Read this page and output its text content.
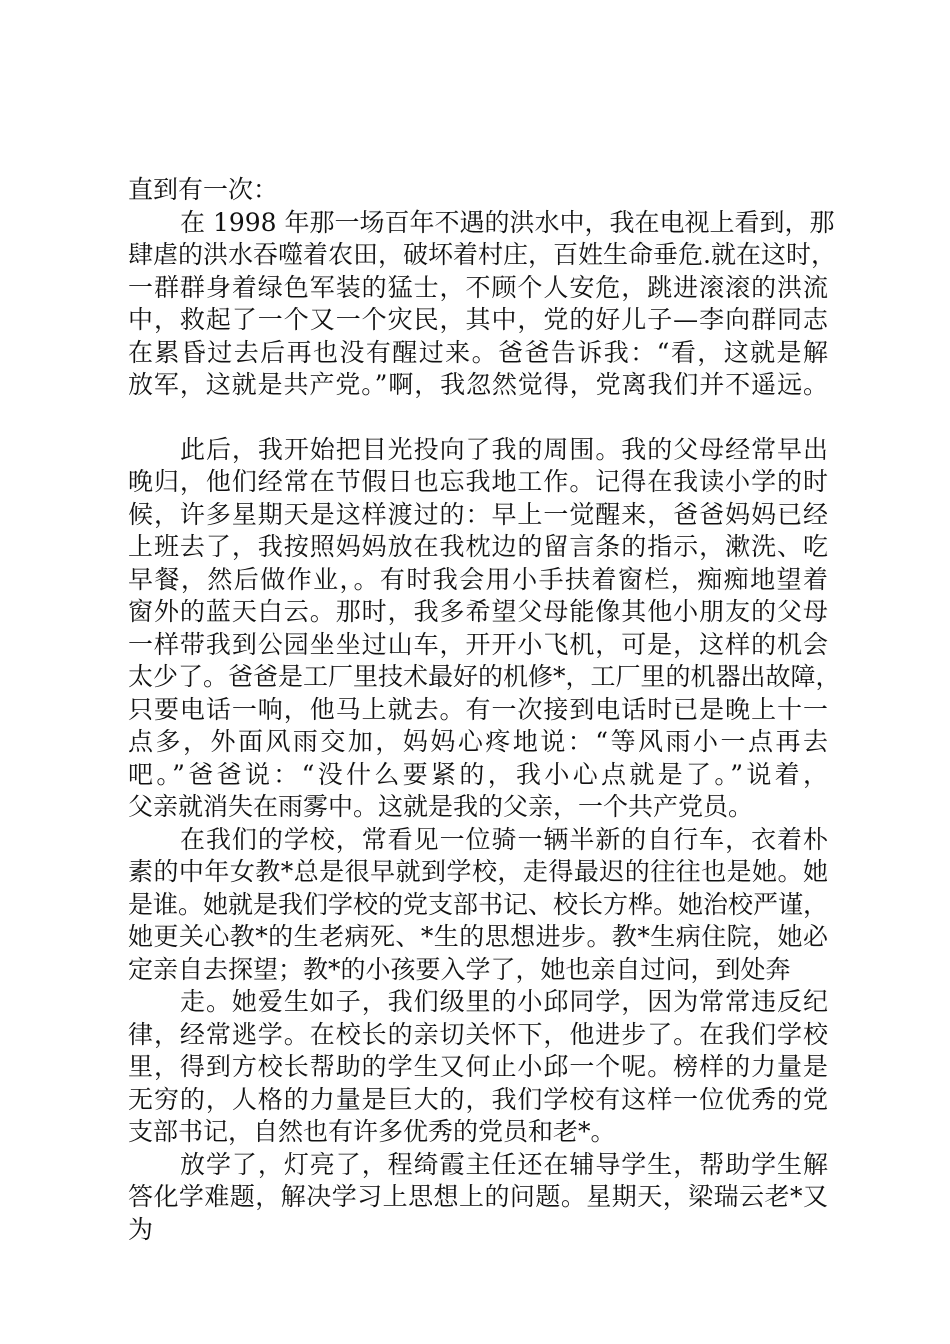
直到有一次：
在 1998 年那一场百年不遇的洪水中，我在电视上看到，那
肆虐的洪水吞噬着农田，破坏着村庄，百姓生命垂危.就在这时，
一群群身着绿色军装的猛士，不顾个人安危，跳进滚滚的洪流
中，救起了一个又一个灾民，其中，党的好儿子—李向群同志
在累昏过去后再也没有醒过来。爸爸告诉我：“看，这就是解
放军，这就是共产党。”啊，我忽然觉得，党离我们并不遥远。
此后，我开始把目光投向了我的周围。我的父母经常早出
晚归，他们经常在节假日也忘我地工作。记得在我读小学的时
候，许多星期天是这样渡过的：早上一觉醒来，爸爸妈妈已经
上班去了，我按照妈妈放在我枕边的留言条的指示，漱洗、吃
早餐，然后做作业，。有时我会用小手扶着窗栏，痴痴地望着
窗外的蓝天白云。那时，我多希望父母能像其他小朋友的父母
一样带我到公园坐坐过山车，开开小飞机，可是，这样的机会
太少了。爸爸是工厂里技术最好的机修*，工厂里的机器出故障，
只要电话一响，他马上就去。有一次接到电话时已是晚上十一
点多，外面风雨交加，妈妈心疼地说：“等风雨小一点再去
吧。”爸爸说：“没什么要紧的，我小心点就是了。”说着，
父亲就消失在雨雾中。这就是我的父亲，一个共产党员。
在我们的学校，常看见一位骑一辆半新的自行车，衣着朴
素的中年女教*总是很早就到学校，走得最迟的往往也是她。她
是谁。她就是我们学校的党支部书记、校长方桦。她治校严谨，
她更关心教*的生老病死、*生的思想进步。教*生病住院，她必
定亲自去探望；教*的小孩要入学了，她也亲自过问，到处奔
走。她爱生如子，我们级里的小邱同学，因为常常违反纪
律，经常逃学。在校长的亲切关怀下，他进步了。在我们学校
里，得到方校长帮助的学生又何止小邱一个呢。榜样的力量是
无穷的，人格的力量是巨大的，我们学校有这样一位优秀的党
支部书记，自然也有许多优秀的党员和老*。
放学了，灯亮了，程绮霞主任还在辅导学生，帮助学生解
答化学难题，解决学习上思想上的问题。星期天，梁瑞云老*又
为
